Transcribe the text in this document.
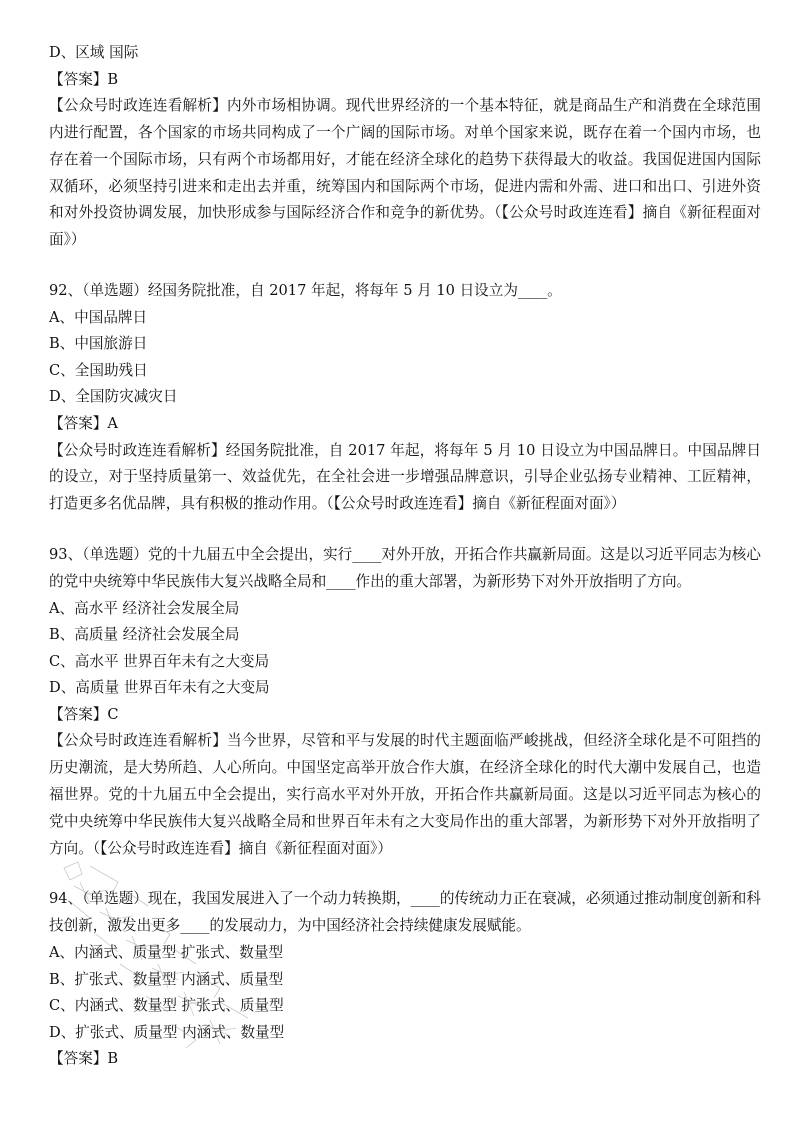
D、区域 国际
【答案】B
【公众号时政连连看解析】内外市场相协调。现代世界经济的一个基本特征，就是商品生产和消费在全球范围内进行配置，各个国家的市场共同构成了一个广阔的国际市场。对单个国家来说，既存在着一个国内市场，也存在着一个国际市场，只有两个市场都用好，才能在经济全球化的趋势下获得最大的收益。我国促进国内国际双循环，必须坚持引进来和走出去并重，统筹国内和国际两个市场，促进内需和外需、进口和出口、引进外资和对外投资协调发展，加快形成参与国际经济合作和竞争的新优势。（【公众号时政连连看】摘自《新征程面对面》）
92、（单选题）经国务院批准，自 2017 年起，将每年 5 月 10 日设立为____。
A、中国品牌日
B、中国旅游日
C、全国助残日
D、全国防灾减灾日
【答案】A
【公众号时政连连看解析】经国务院批准，自 2017 年起，将每年 5 月 10 日设立为中国品牌日。中国品牌日的设立，对于坚持质量第一、效益优先，在全社会进一步增强品牌意识，引导企业弘扬专业精神、工匠精神，打造更多名优品牌，具有积极的推动作用。（【公众号时政连连看】摘自《新征程面对面》）
93、（单选题）党的十九届五中全会提出，实行____对外开放，开拓合作共赢新局面。这是以习近平同志为核心的党中央统筹中华民族伟大复兴战略全局和____作出的重大部署，为新形势下对外开放指明了方向。
A、高水平 经济社会发展全局
B、高质量 经济社会发展全局
C、高水平 世界百年未有之大变局
D、高质量 世界百年未有之大变局
【答案】C
【公众号时政连连看解析】当今世界，尽管和平与发展的时代主题面临严峻挑战，但经济全球化是不可阻挡的历史潮流，是大势所趋、人心所向。中国坚定高举开放合作大旗，在经济全球化的时代大潮中发展自己，也造福世界。党的十九届五中全会提出，实行高水平对外开放，开拓合作共赢新局面。这是以习近平同志为核心的党中央统筹中华民族伟大复兴战略全局和世界百年未有之大变局作出的重大部署，为新形势下对外开放指明了方向。（【公众号时政连连看】摘自《新征程面对面》）
94、（单选题）现在，我国发展进入了一个动力转换期，____的传统动力正在衰减，必须通过推动制度创新和科技创新，激发出更多____的发展动力，为中国经济社会持续健康发展赋能。
A、内涵式、质量型 扩张式、数量型
B、扩张式、数量型 内涵式、质量型
C、内涵式、数量型 扩张式、质量型
D、扩张式、质量型 内涵式、数量型
【答案】B
